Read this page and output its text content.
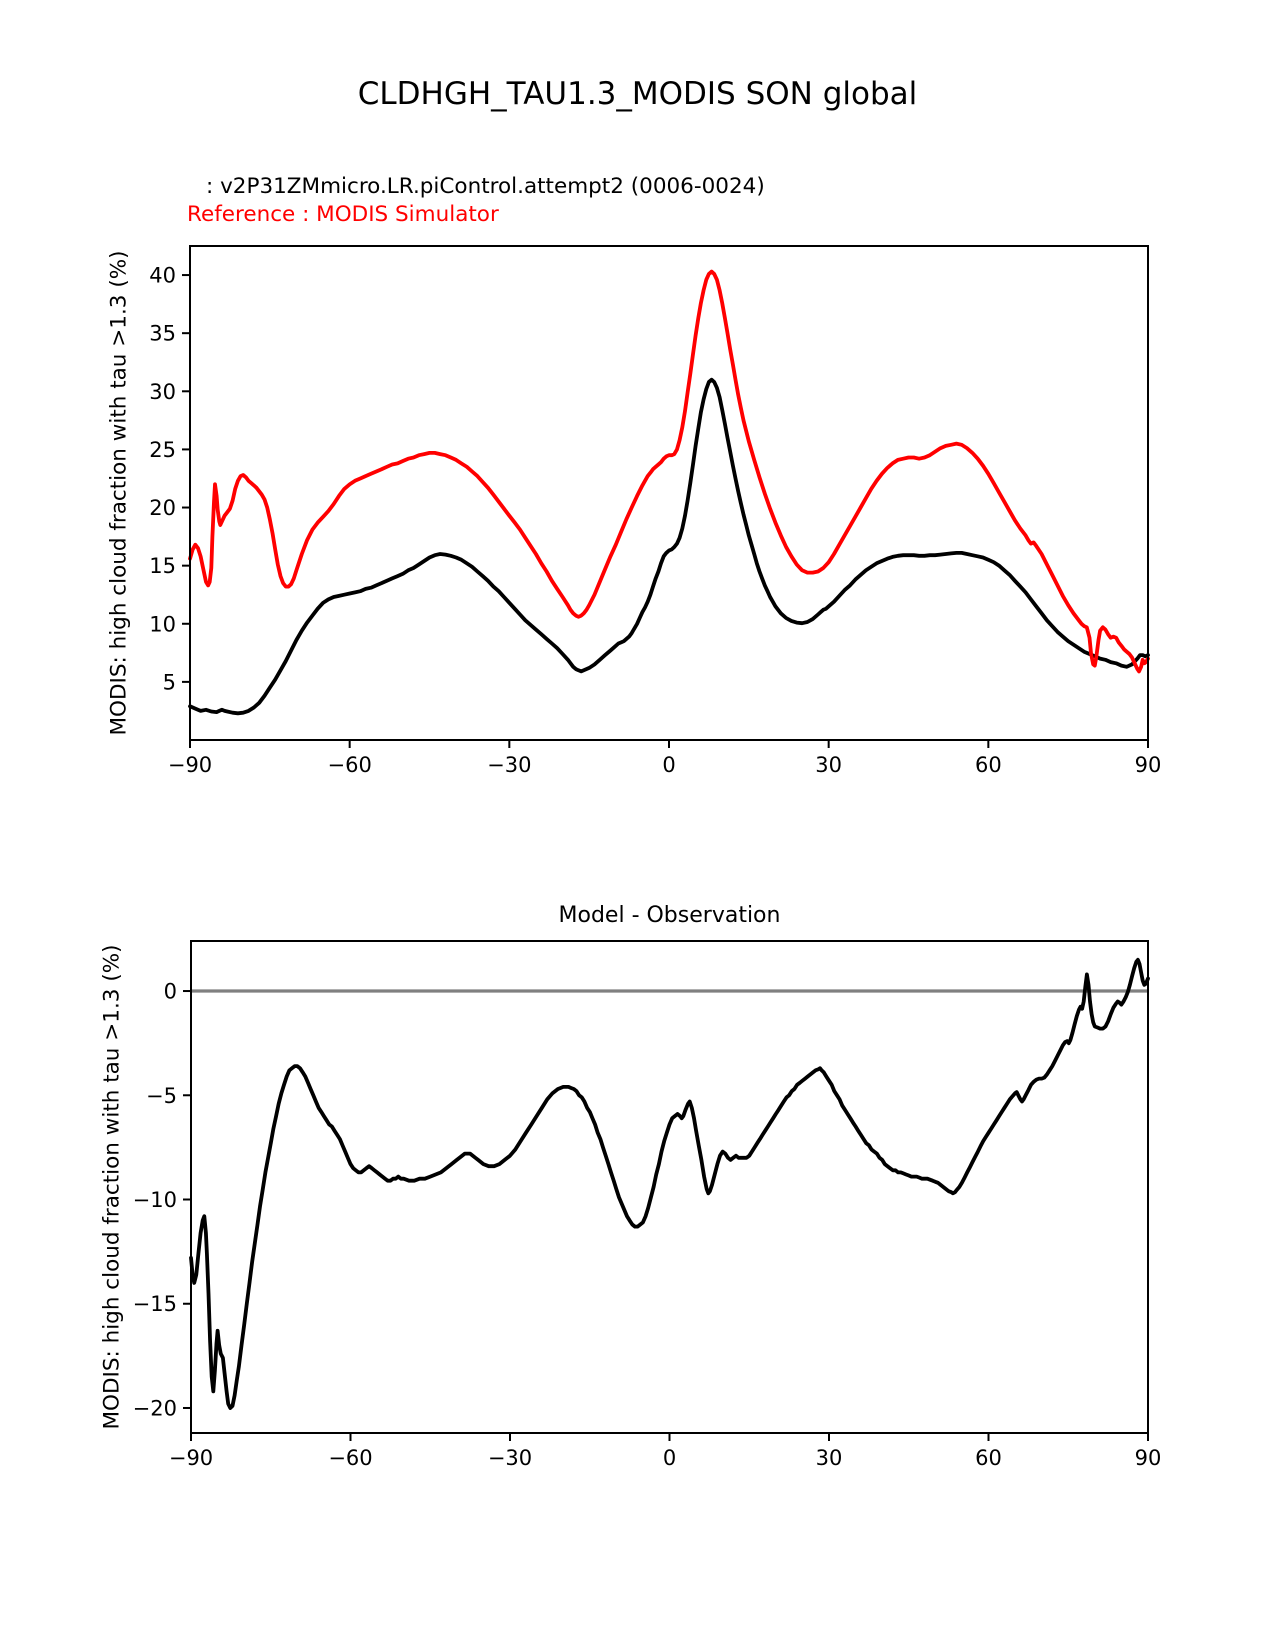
CLDHGH_TAU1.3_MODIS SON global
: v2P31ZMmicro.LR.piControl.attempt2 (0006-0024)
Reference : MODIS Simulator
MODIS: high cloud fraction with tau >1.3 (%)
−90	−60	−30	0	30	60	90
5
10
15
20
25
30
35
40
Model - Observation
MODIS: high cloud fraction with tau >1.3 (%)
−90	−60	−30	0	30	60	90
0
−5
−10
−15
−20
